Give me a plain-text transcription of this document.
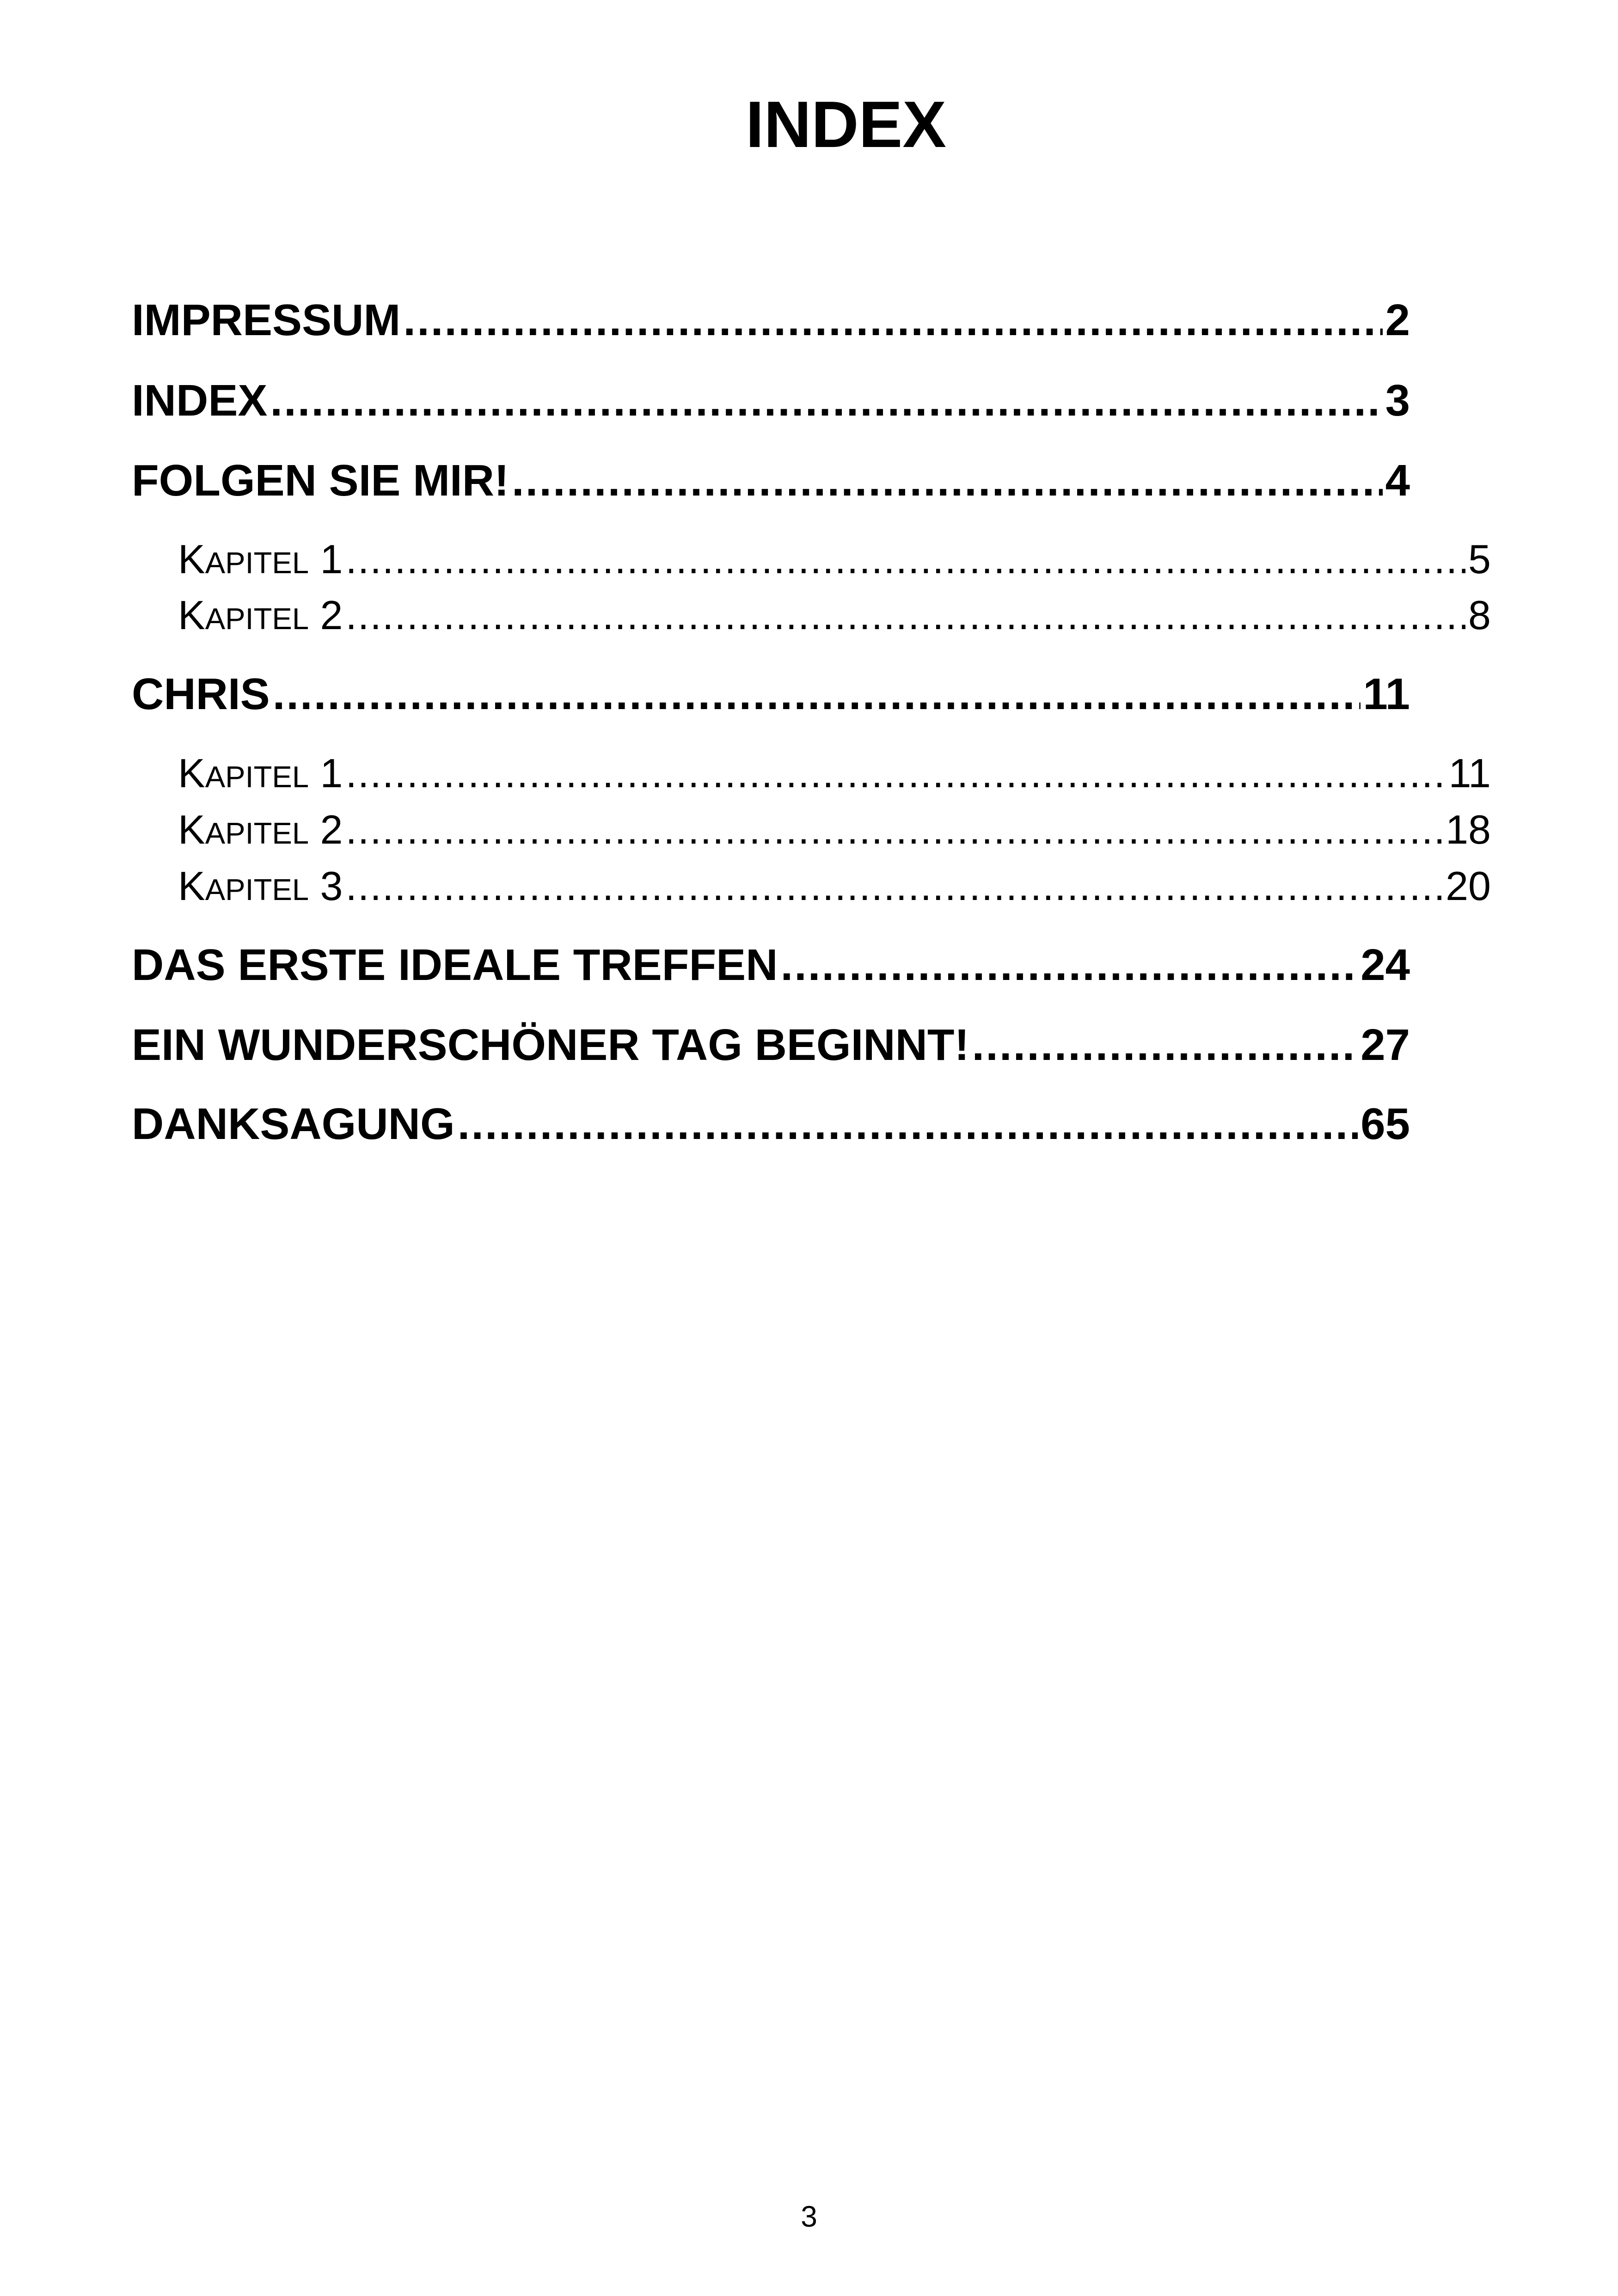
INDEX
IMPRESSUM .....	2
INDEX .....	3
FOLGEN SIE MIR! .....	4
KAPITEL 1 .....	5
KAPITEL 2 .....	8
CHRIS .....	11
KAPITEL 1 .....	11
KAPITEL 2 .....	18
KAPITEL 3 .....	20
DAS ERSTE IDEALE TREFFEN .....	24
EIN WUNDERSCHÖNER TAG BEGINNT! .....	27
DANKSAGUNG .....	65
3
